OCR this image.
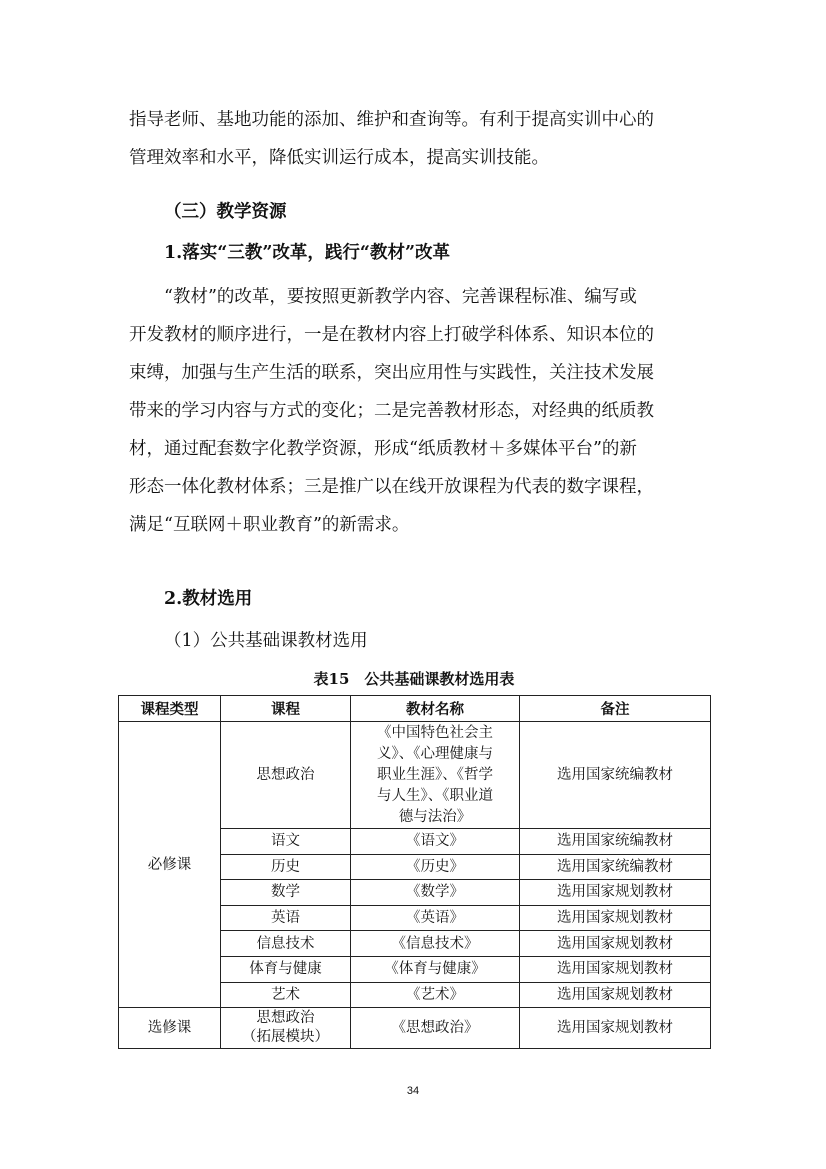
指导老师、基地功能的添加、维护和查询等。有利于提高实训中心的
管理效率和水平，降低实训运行成本，提高实训技能。

（三）教学资源
1.落实“三教”改革，践行“教材”改革

“教材”的改革，要按照更新教学内容、完善课程标准、编写或
开发教材的顺序进行，一是在教材内容上打破学科体系、知识本位的
束缚，加强与生产生活的联系，突出应用性与实践性，关注技术发展
带来的学习内容与方式的变化；二是完善教材形态，对经典的纸质教
材，通过配套数字化教学资源，形成“纸质教材＋多媒体平台”的新
形态一体化教材体系；三是推广以在线开放课程为代表的数字课程，
满足“互联网＋职业教育”的新需求。

2.教材选用

（1）公共基础课教材选用

表15　公共基础课教材选用表

课程类型	课程	教材名称	备注
必修课	思想政治	《中国特色社会主
义》、《心理健康与
职业生涯》、《哲学
与人生》、《职业道
德与法治》	选用国家统编教材
	语文	《语文》	选用国家统编教材
	历史	《历史》	选用国家统编教材
	数学	《数学》	选用国家规划教材
	英语	《英语》	选用国家规划教材
	信息技术	《信息技术》	选用国家规划教材
	体育与健康	《体育与健康》	选用国家规划教材
	艺术	《艺术》	选用国家规划教材
选修课	思想政治
（拓展模块）	《思想政治》	选用国家规划教材
34
